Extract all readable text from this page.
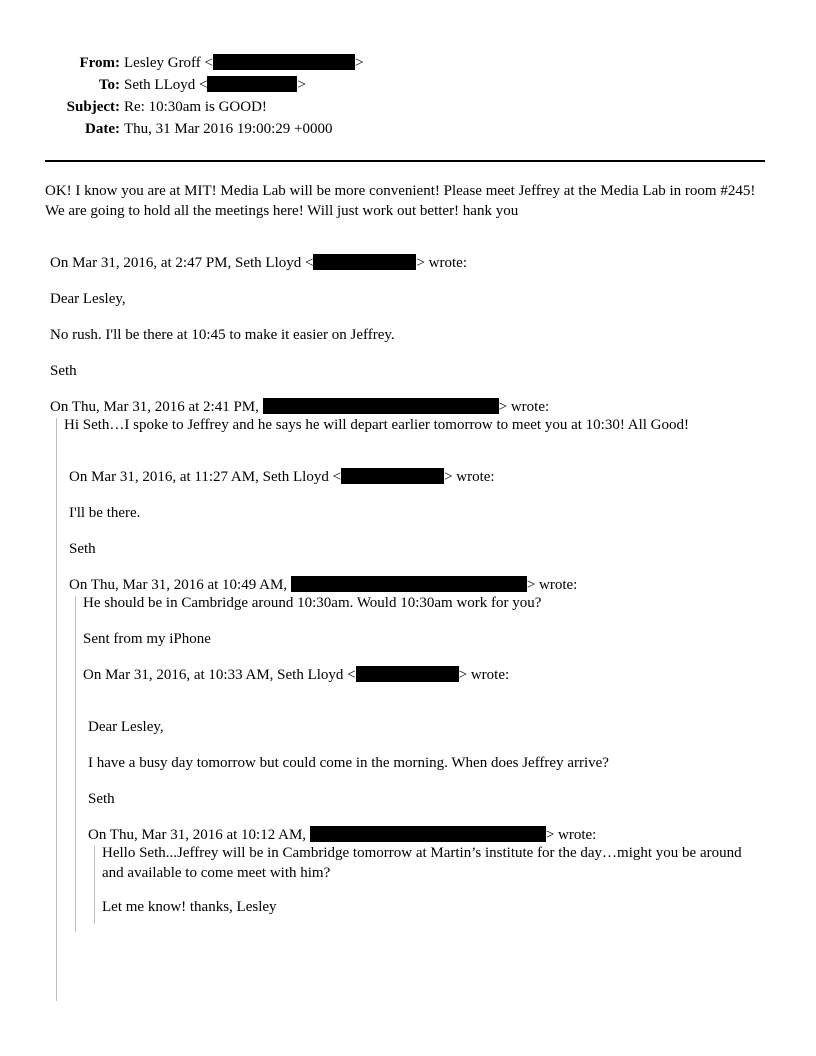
From: Lesley Groff <	>
To: Seth LLoyd <	>
Subject: Re: 10:30am is GOOD!
Date: Thu, 31 Mar 2016 19:00:29 +0000
OK! I know you are at MIT! Media Lab will be more convenient! Please meet Jeffrey at the Media Lab in room #245! We are going to hold all the meetings here! Will just work out better! hank you
On Mar 31, 2016, at 2:47 PM, Seth Lloyd <	> wrote:
Dear Lesley,
No rush. I'll be there at 10:45 to make it easier on Jeffrey.
Seth
On Thu, Mar 31, 2016 at 2:41 PM,	> wrote:
Hi Seth…I spoke to Jeffrey and he says he will depart earlier tomorrow to meet you at 10:30! All Good!
On Mar 31, 2016, at 11:27 AM, Seth Lloyd <	> wrote:
I'll be there.
Seth
On Thu, Mar 31, 2016 at 10:49 AM,	> wrote:
He should be in Cambridge around 10:30am. Would 10:30am work for you?
Sent from my iPhone
On Mar 31, 2016, at 10:33 AM, Seth Lloyd <	> wrote:
Dear Lesley,
I have a busy day tomorrow but could come in the morning. When does Jeffrey arrive?
Seth
On Thu, Mar 31, 2016 at 10:12 AM,	> wrote:
Hello Seth...Jeffrey will be in Cambridge tomorrow at Martin’s institute for the day…might you be around and available to come meet with him?
Let me know! thanks, Lesley
